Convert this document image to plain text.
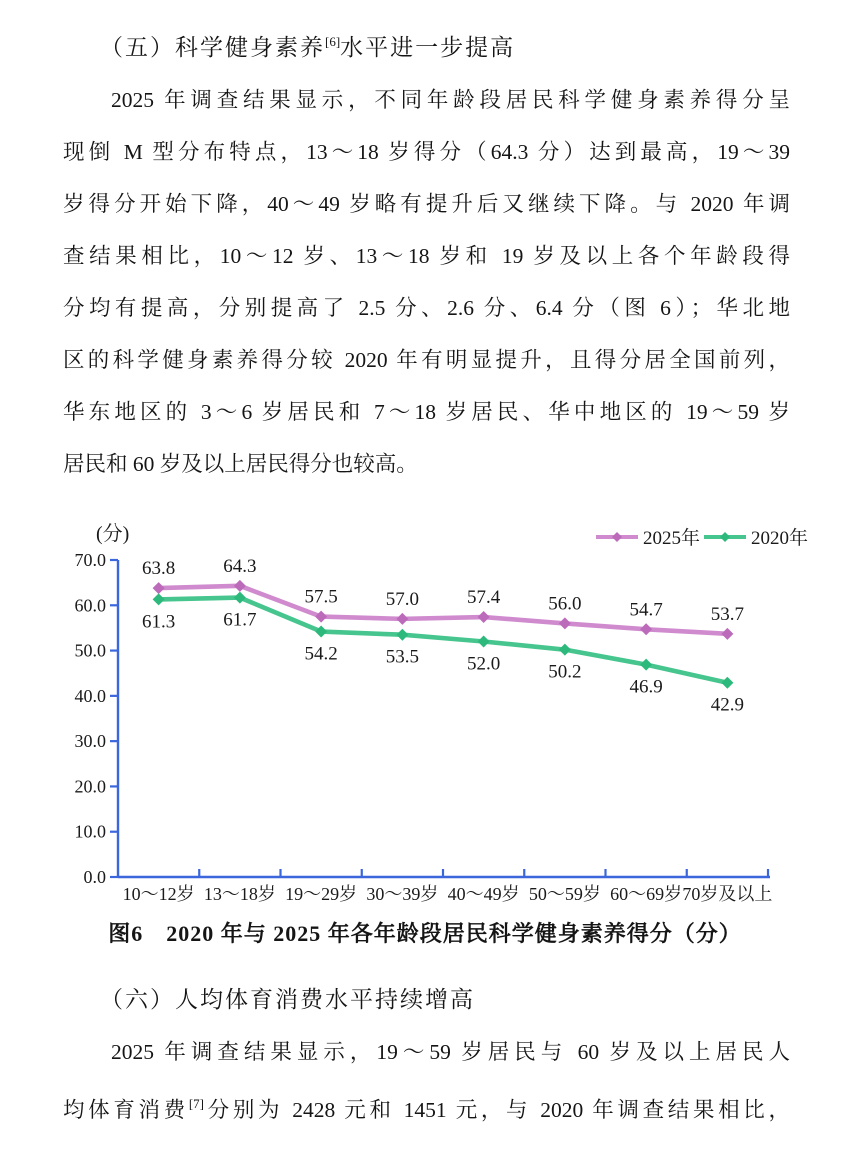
（五）科学健身素养[6]水平进一步提高
2025 年调查结果显示，不同年龄段居民科学健身素养得分呈
现倒 M 型分布特点，13～18 岁得分（64.3 分）达到最高，19～39
岁得分开始下降，40～49 岁略有提升后又继续下降。与 2020 年调
查结果相比，10～12 岁、13～18 岁和 19 岁及以上各个年龄段得
分均有提高，分别提高了 2.5 分、2.6 分、6.4 分（图 6）；华北地
区的科学健身素养得分较 2020 年有明显提升，且得分居全国前列，
华东地区的 3～6 岁居民和 7～18 岁居民、华中地区的 19～59 岁
居民和 60 岁及以上居民得分也较高。
(分)
0.0
10.0
20.0
30.0
40.0
50.0
60.0
70.0
10～12岁 13～18岁 19～29岁 30～39岁 40～49岁 50～59岁 60～69岁 70岁及以上
63.8	64.3
57.5	57.0	57.4	56.0	54.7	53.7
61.3	61.7
54.2	53.5	52.0	50.2
46.9
42.9
2025年	2020年
图6　2020 年与 2025 年各年龄段居民科学健身素养得分（分）
（六）人均体育消费水平持续增高
2025 年调查结果显示，19～59 岁居民与 60 岁及以上居民人
均体育消费[7]分别为 2428 元和 1451 元，与 2020 年调查结果相比，
